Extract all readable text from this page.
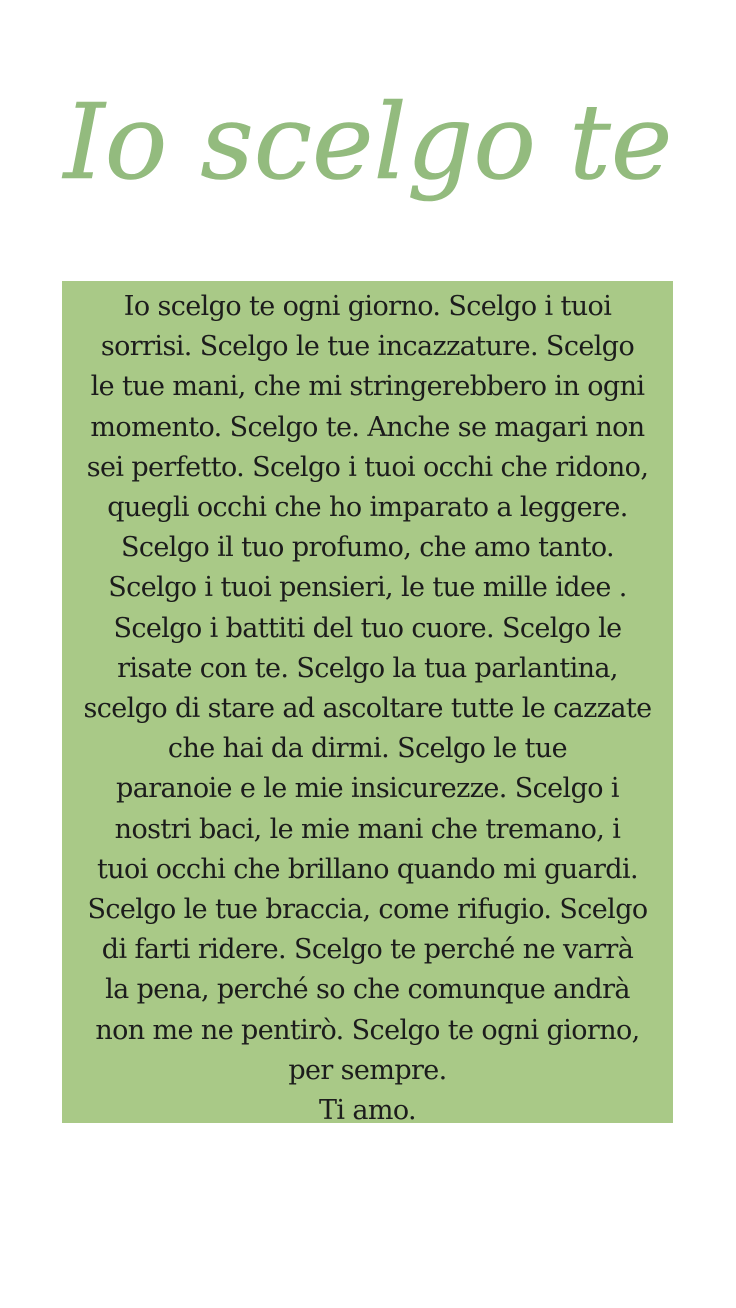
Io scelgo te
Io scelgo te ogni giorno. Scelgo i tuoi
sorrisi. Scelgo le tue incazzature. Scelgo
le tue mani, che mi stringerebbero in ogni
momento. Scelgo te. Anche se magari non
sei perfetto. Scelgo i tuoi occhi che ridono,
quegli occhi che ho imparato a leggere.
Scelgo il tuo profumo, che amo tanto.
Scelgo i tuoi pensieri, le tue mille idee .
Scelgo i battiti del tuo cuore. Scelgo le
risate con te. Scelgo la tua parlantina,
scelgo di stare ad ascoltare tutte le cazzate
che hai da dirmi. Scelgo le tue
paranoie e le mie insicurezze. Scelgo i
nostri baci, le mie mani che tremano, i
tuoi occhi che brillano quando mi guardi.
Scelgo le tue braccia, come rifugio. Scelgo
di farti ridere. Scelgo te perché ne varrà
la pena, perché so che comunque andrà
non me ne pentirò. Scelgo te ogni giorno,
per sempre.
Ti amo.
